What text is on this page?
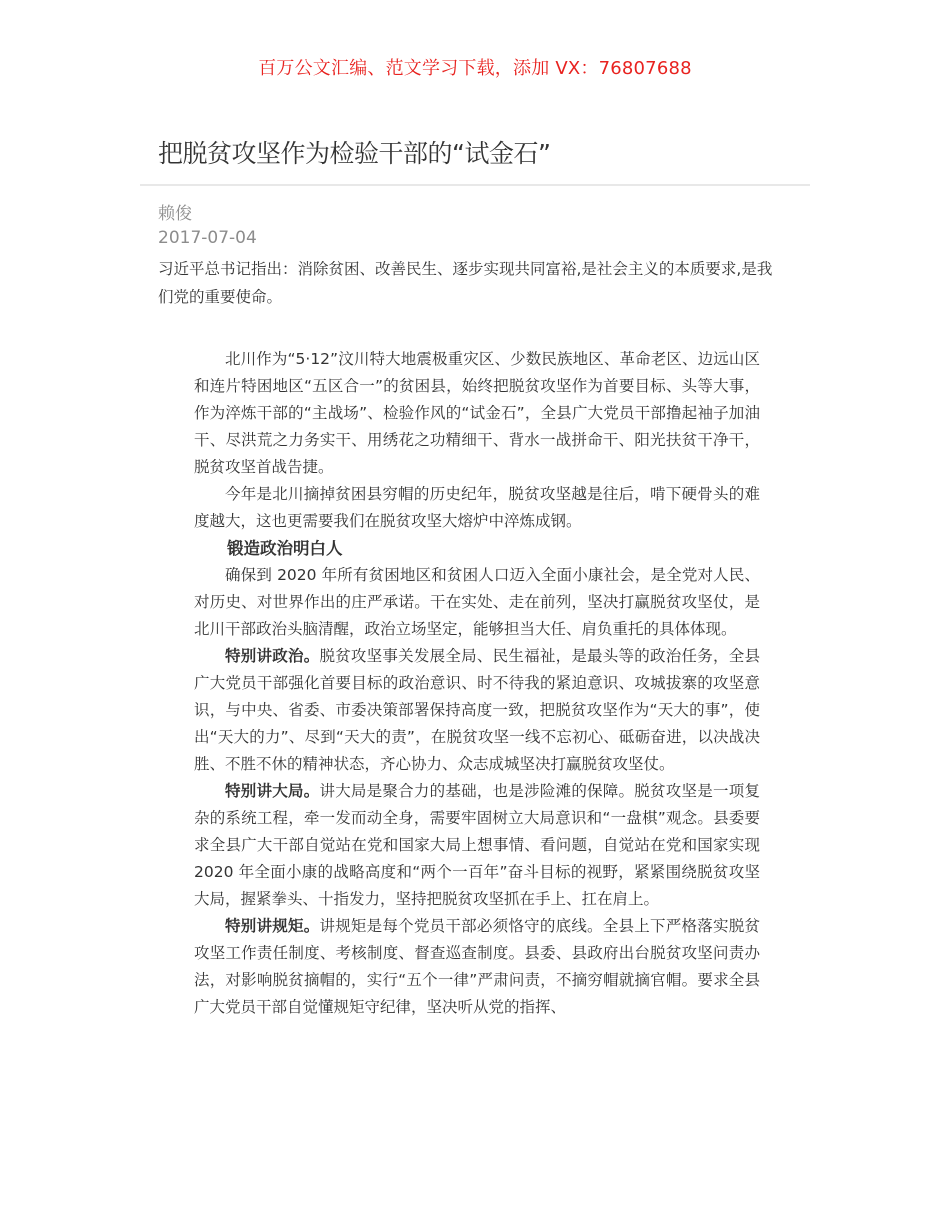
百万公文汇编、范文学习下载，添加 VX：76807688
把脱贫攻坚作为检验干部的“试金石”
赖俊
2017-07-04

习近平总书记指出：消除贫困、改善民生、逐步实现共同富裕,是社会主义的本质要求,是我们党的重要使命。

北川作为“5·12”汶川特大地震极重灾区、少数民族地区、革命老区、边远山区和连片特困地区“五区合一”的贫困县，始终把脱贫攻坚作为首要目标、头等大事，作为淬炼干部的“主战场”、检验作风的“试金石”，全县广大党员干部撸起袖子加油干、尽洪荒之力务实干、用绣花之功精细干、背水一战拼命干、阳光扶贫干净干，脱贫攻坚首战告捷。

今年是北川摘掉贫困县穷帽的历史纪年，脱贫攻坚越是往后，啃下硬骨头的难度越大，这也更需要我们在脱贫攻坚大熔炉中淬炼成钢。

锻造政治明白人

确保到 2020 年所有贫困地区和贫困人口迈入全面小康社会，是全党对人民、对历史、对世界作出的庄严承诺。干在实处、走在前列，坚决打赢脱贫攻坚仗，是北川干部政治头脑清醒，政治立场坚定，能够担当大任、肩负重托的具体体现。

特别讲政治。脱贫攻坚事关发展全局、民生福祉，是最头等的政治任务，全县广大党员干部强化首要目标的政治意识、时不待我的紧迫意识、攻城拔寨的攻坚意识，与中央、省委、市委决策部署保持高度一致，把脱贫攻坚作为“天大的事”，使出“天大的力”、尽到“天大的责”，在脱贫攻坚一线不忘初心、砥砺奋进，以决战决胜、不胜不休的精神状态，齐心协力、众志成城坚决打赢脱贫攻坚仗。

特别讲大局。讲大局是聚合力的基础，也是涉险滩的保障。脱贫攻坚是一项复杂的系统工程，牵一发而动全身，需要牢固树立大局意识和“一盘棋”观念。县委要求全县广大干部自觉站在党和国家大局上想事情、看问题，自觉站在党和国家实现 2020 年全面小康的战略高度和“两个一百年”奋斗目标的视野，紧紧围绕脱贫攻坚大局，握紧拳头、十指发力，坚持把脱贫攻坚抓在手上、扛在肩上。

特别讲规矩。讲规矩是每个党员干部必须恪守的底线。全县上下严格落实脱贫攻坚工作责任制度、考核制度、督查巡查制度。县委、县政府出台脱贫攻坚问责办法，对影响脱贫摘帽的，实行“五个一律”严肃问责，不摘穷帽就摘官帽。要求全县广大党员干部自觉懂规矩守纪律，坚决听从党的指挥、
